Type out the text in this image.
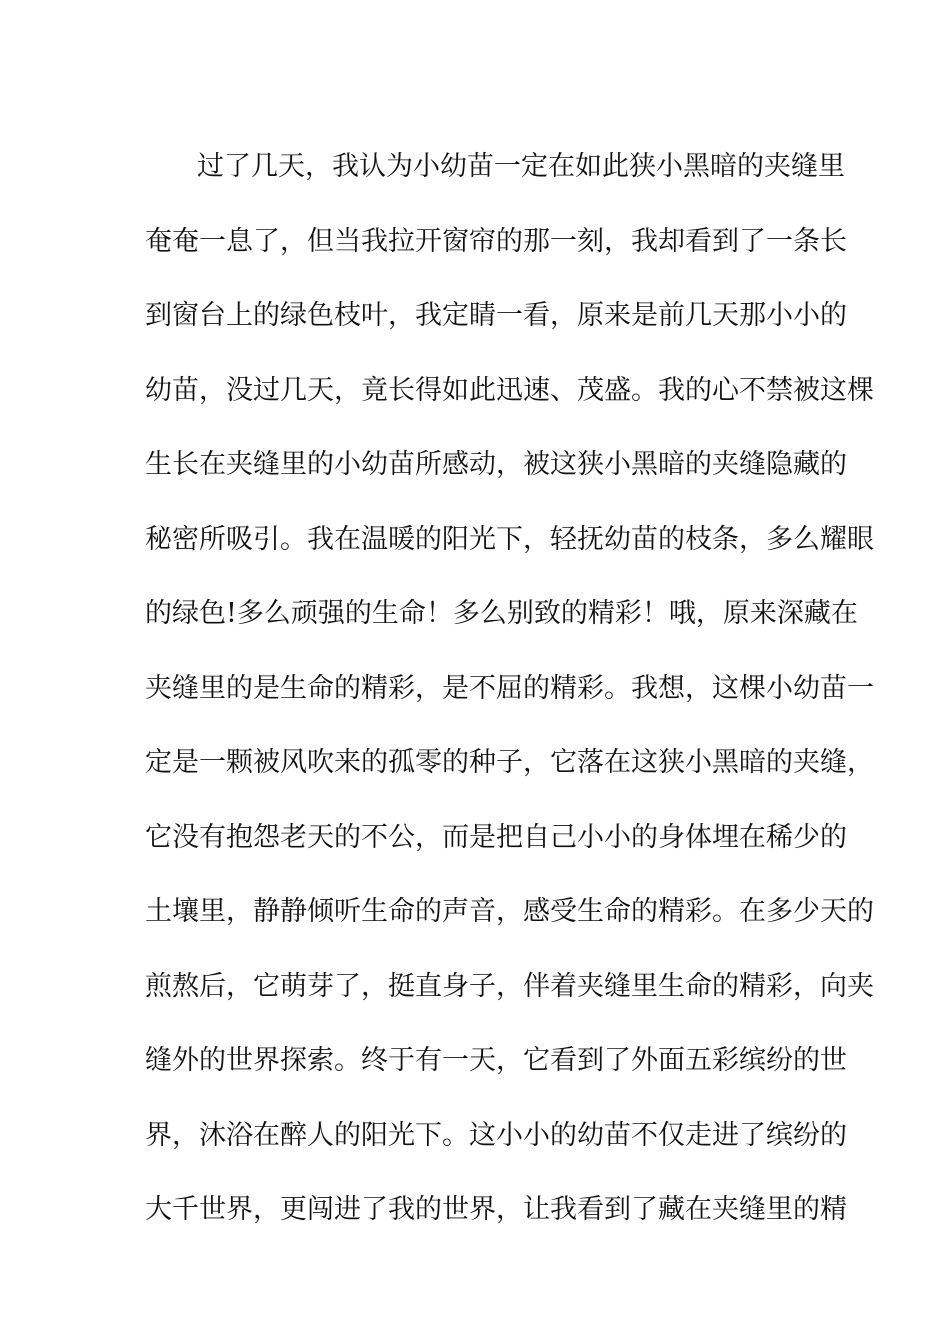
过了几天，我认为小幼苗一定在如此狭小黑暗的夹缝里
奄奄一息了，但当我拉开窗帘的那一刻，我却看到了一条长
到窗台上的绿色枝叶，我定睛一看，原来是前几天那小小的
幼苗，没过几天，竟长得如此迅速、茂盛。我的心不禁被这棵
生长在夹缝里的小幼苗所感动，被这狭小黑暗的夹缝隐藏的
秘密所吸引。我在温暖的阳光下，轻抚幼苗的枝条，多么耀眼
的绿色!多么顽强的生命！多么别致的精彩！哦，原来深藏在
夹缝里的是生命的精彩，是不屈的精彩。我想，这棵小幼苗一
定是一颗被风吹来的孤零的种子，它落在这狭小黑暗的夹缝，
它没有抱怨老天的不公，而是把自己小小的身体埋在稀少的
土壤里，静静倾听生命的声音，感受生命的精彩。在多少天的
煎熬后，它萌芽了，挺直身子，伴着夹缝里生命的精彩，向夹
缝外的世界探索。终于有一天，它看到了外面五彩缤纷的世
界，沐浴在醉人的阳光下。这小小的幼苗不仅走进了缤纷的
大千世界，更闯进了我的世界，让我看到了藏在夹缝里的精
